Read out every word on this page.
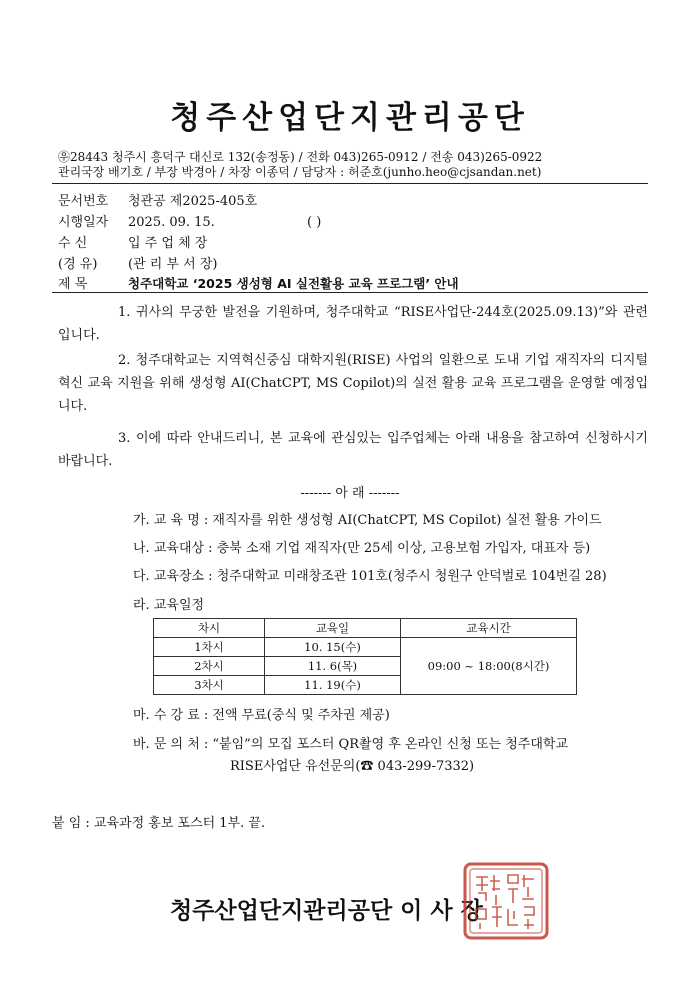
청주산업단지관리공단
㉾28443 청주시 흥덕구 대신로 132(송정동) / 전화 043)265-0912 / 전송 043)265-0922
관리국장 배기호 / 부장 박경아 / 차장 이종덕 / 담당자 : 허준호(junho.heo@cjsandan.net)
문서번호 청관공 제2025-405호
시행일자 2025. 09. 15.	( )
수 신	입 주 업 체 장
(경 유) (관 리 부 서 장)
제 목	청주대학교 ‘2025 생성형 AI 실전활용 교육 프로그램’ 안내
1. 귀사의 무궁한 발전을 기원하며, 청주대학교 “RISE사업단-244호(2025.09.13)”와 관련입니다.
2. 청주대학교는 지역혁신중심 대학지원(RISE) 사업의 일환으로 도내 기업 재직자의 디지털 혁신 교육 지원을 위해 생성형 AI(ChatCPT, MS Copilot)의 실전 활용 교육 프로그램을 운영할 예정입니다.
3. 이에 따라 안내드리니, 본 교육에 관심있는 입주업체는 아래 내용을 참고하여 신청하시기 바랍니다.
------- 아 래 -------
가. 교 육 명 : 재직자를 위한 생성형 AI(ChatCPT, MS Copilot) 실전 활용 가이드
나. 교육대상 : 충북 소재 기업 재직자(만 25세 이상, 고용보험 가입자, 대표자 등)
다. 교육장소 : 청주대학교 미래창조관 101호(청주시 청원구 안덕벌로 104번길 28)
라. 교육일정
차시	교육일	교육시간
1차시	10. 15(수)	09:00 ~ 18:00(8시간)
2차시	11. 6(목)	
3차시	11. 19(수)	
마. 수 강 료 : 전액 무료(중식 및 주차권 제공)
바. 문 의 처 : “붙임”의 모집 포스터 QR촬영 후 온라인 신청 또는 청주대학교
RISE사업단 유선문의(☎ 043-299-7332)
붙 임 : 교육과정 홍보 포스터 1부. 끝.
청주산업단지관리공단 이 사 장
